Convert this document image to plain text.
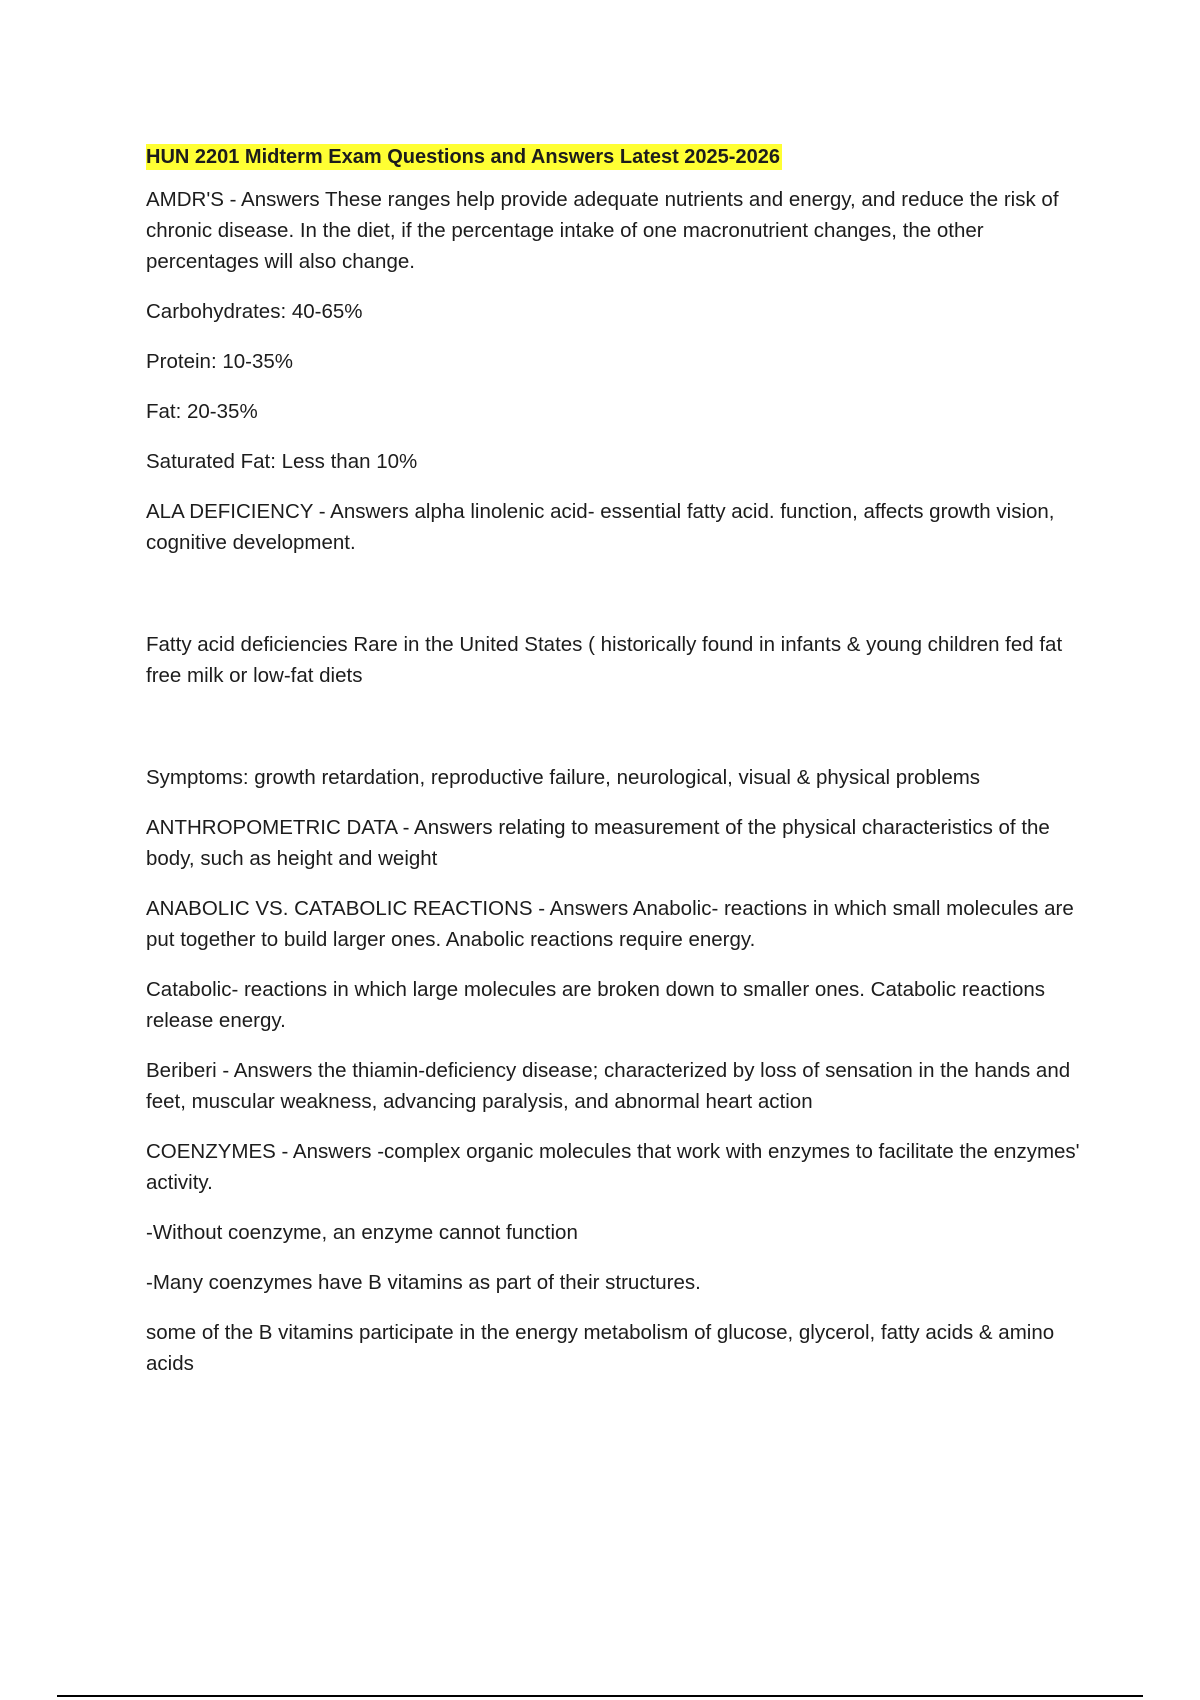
HUN 2201 Midterm Exam Questions and Answers Latest 2025-2026

AMDR'S - Answers These ranges help provide adequate nutrients and energy, and reduce the risk of chronic disease. In the diet, if the percentage intake of one macronutrient changes, the other percentages will also change.

Carbohydrates: 40-65%

Protein: 10-35%

Fat: 20-35%

Saturated Fat: Less than 10%

ALA DEFICIENCY - Answers alpha linolenic acid- essential fatty acid. function, affects growth vision, cognitive development.

Fatty acid deficiencies Rare in the United States ( historically found in infants & young children fed fat free milk or low-fat diets

Symptoms: growth retardation, reproductive failure, neurological, visual & physical problems

ANTHROPOMETRIC DATA - Answers relating to measurement of the physical characteristics of the body, such as height and weight

ANABOLIC VS. CATABOLIC REACTIONS - Answers Anabolic- reactions in which small molecules are put together to build larger ones. Anabolic reactions require energy.

Catabolic- reactions in which large molecules are broken down to smaller ones. Catabolic reactions release energy.

Beriberi - Answers the thiamin-deficiency disease; characterized by loss of sensation in the hands and feet, muscular weakness, advancing paralysis, and abnormal heart action

COENZYMES - Answers -complex organic molecules that work with enzymes to facilitate the enzymes' activity.

-Without coenzyme, an enzyme cannot function

-Many coenzymes have B vitamins as part of their structures.

some of the B vitamins participate in the energy metabolism of glucose, glycerol, fatty acids & amino acids
